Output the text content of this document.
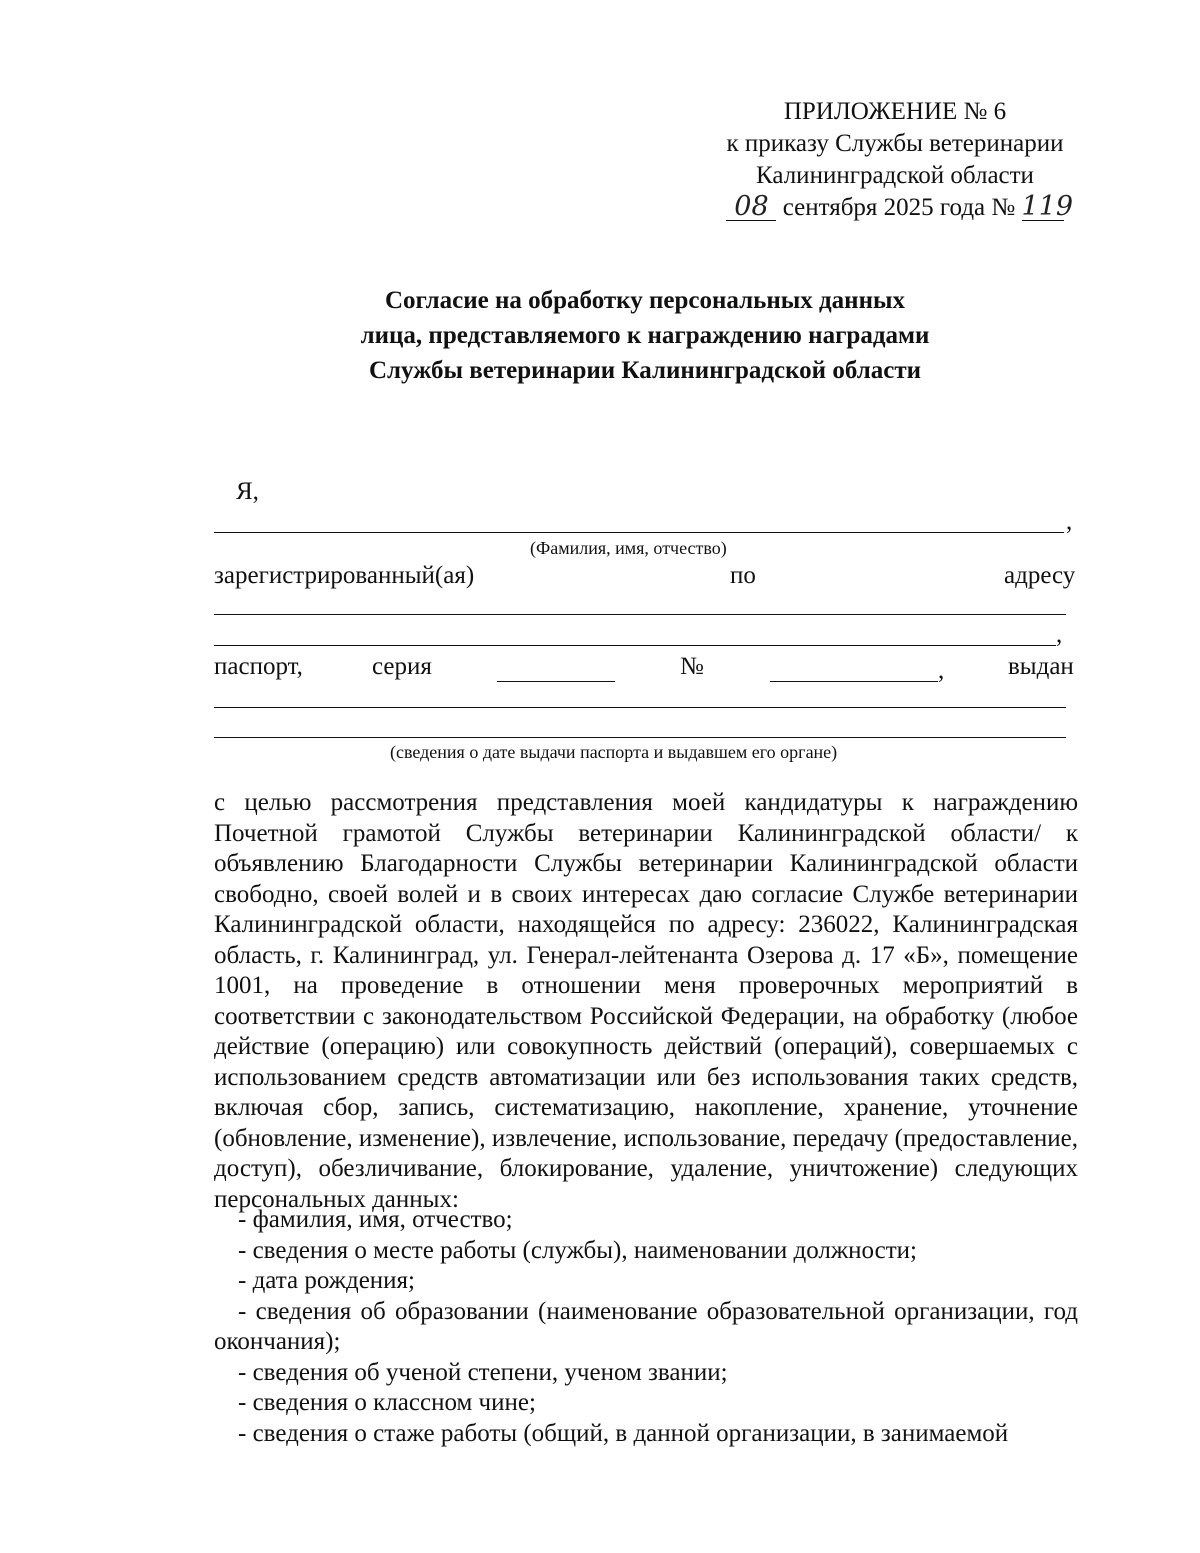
ПРИЛОЖЕНИЕ № 6
к приказу Службы ветеринарии
Калининградской области
08 сентября 2025 года № 119
Согласие на обработку персональных данных
лица, представляемого к награждению наградами
Службы ветеринарии Калининградской области
Я,
,
(Фамилия, имя, отчество)
зарегистрированный(ая)	по	адресу
,
паспорт,	серия	№	,	выдан
(сведения о дате выдачи паспорта и выдавшем его органе)

с целью рассмотрения представления моей кандидатуры к награждению Почетной грамотой Службы ветеринарии Калининградской области/ к объявлению Благодарности Службы ветеринарии Калининградской области свободно, своей волей и в своих интересах даю согласие Службе ветеринарии Калининградской области, находящейся по адресу: 236022, Калининградская область, г. Калининград, ул. Генерал-лейтенанта Озерова д. 17 «Б», помещение 1001, на проведение в отношении меня проверочных мероприятий в соответствии с законодательством Российской Федерации, на обработку (любое действие (операцию) или совокупность действий (операций), совершаемых с использованием средств автоматизации или без использования таких средств, включая сбор, запись, систематизацию, накопление, хранение, уточнение (обновление, изменение), извлечение, использование, передачу (предоставление, доступ), обезличивание, блокирование, удаление, уничтожение) следующих персональных данных:

- фамилия, имя, отчество;
- сведения о месте работы (службы), наименовании должности;
- дата рождения;
- сведения об образовании (наименование образовательной организации, год окончания);
- сведения об ученой степени, ученом звании;
- сведения о классном чине;
- сведения о стаже работы (общий, в данной организации, в занимаемой
